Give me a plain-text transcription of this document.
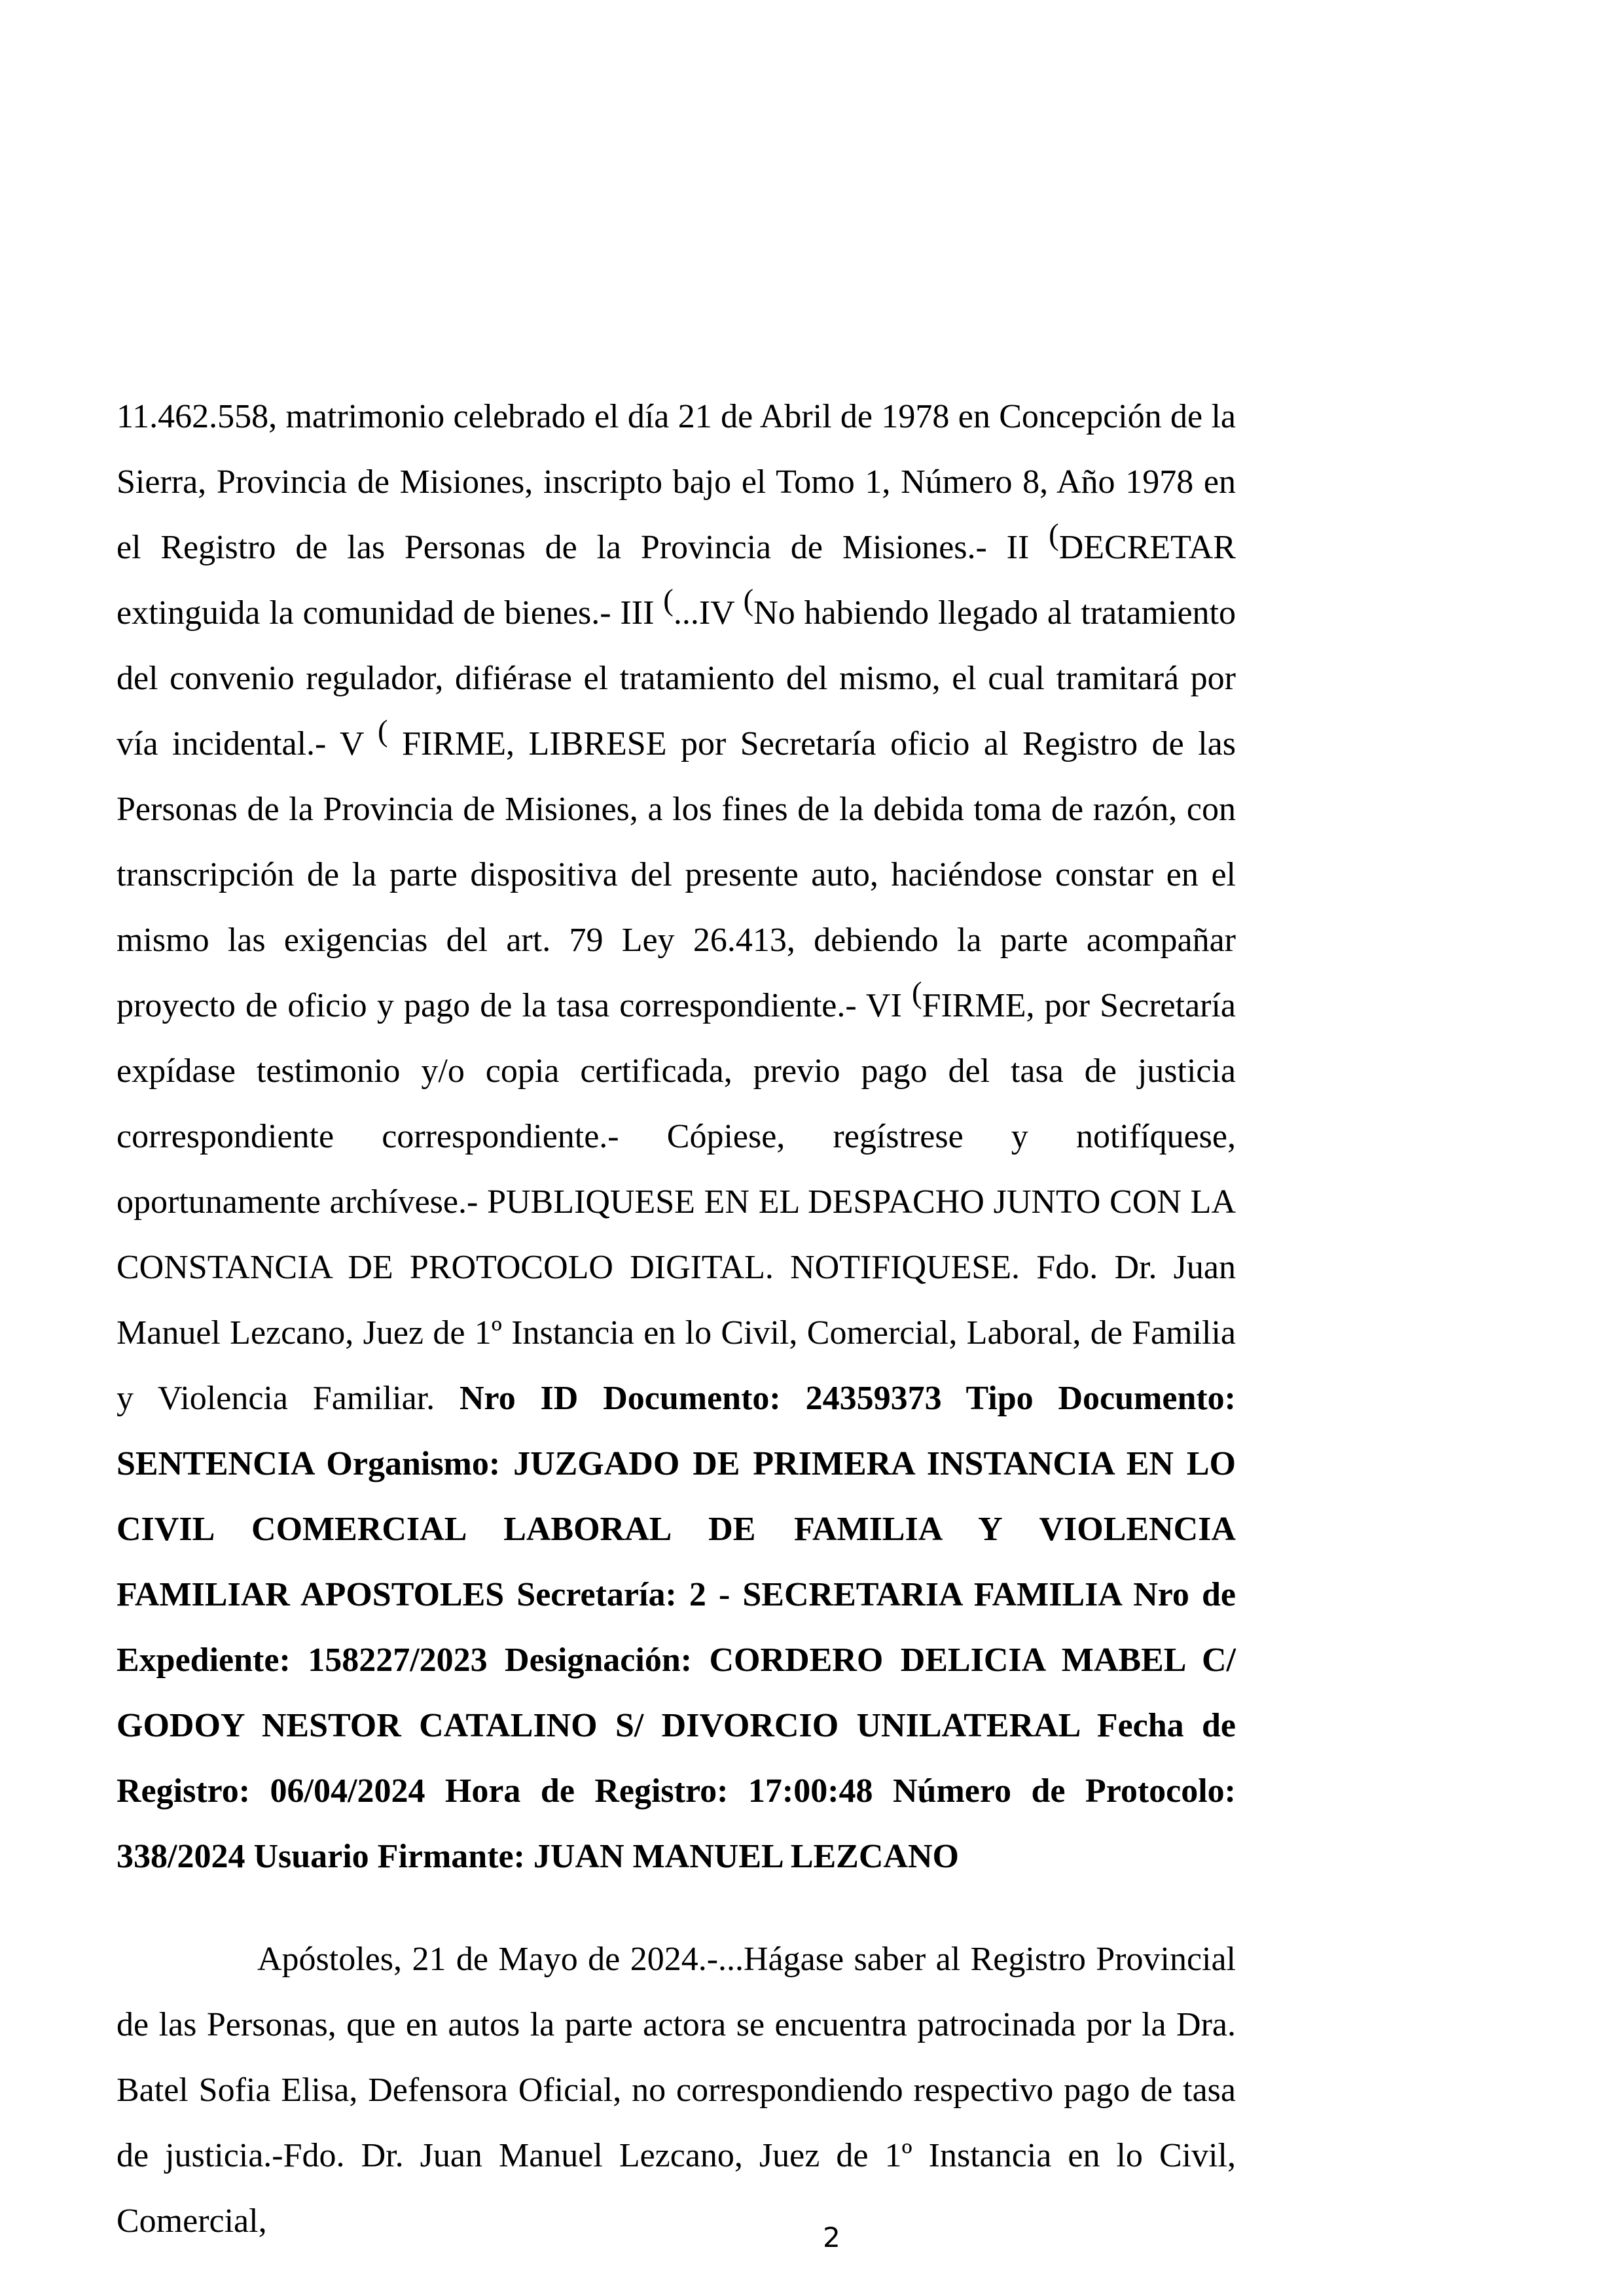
11.462.558, matrimonio celebrado el día 21 de Abril de 1978 en Concepción de la Sierra, Provincia de Misiones, inscripto bajo el Tomo 1, Número 8, Año 1978 en el Registro de las Personas de la Provincia de Misiones.- II (DECRETAR extinguida la comunidad de bienes.- III (...IV (No habiendo llegado al tratamiento del convenio regulador, difiérase el tratamiento del mismo, el cual tramitará por vía incidental.- V ( FIRME, LIBRESE por Secretaría oficio al Registro de las Personas de la Provincia de Misiones, a los fines de la debida toma de razón, con transcripción de la parte dispositiva del presente auto, haciéndose constar en el mismo las exigencias del art. 79 Ley 26.413, debiendo la parte acompañar proyecto de oficio y pago de la tasa correspondiente.- VI (FIRME, por Secretaría expídase testimonio y/o copia certificada, previo pago del tasa de justicia correspondiente correspondiente.- Cópiese, regístrese y notifíquese, oportunamente archívese.- PUBLIQUESE EN EL DESPACHO JUNTO CON LA CONSTANCIA DE PROTOCOLO DIGITAL. NOTIFIQUESE. Fdo. Dr. Juan Manuel Lezcano, Juez de 1º Instancia en lo Civil, Comercial, Laboral, de Familia y Violencia Familiar. Nro ID Documento: 24359373 Tipo Documento: SENTENCIA Organismo: JUZGADO DE PRIMERA INSTANCIA EN LO CIVIL COMERCIAL LABORAL DE FAMILIA Y VIOLENCIA FAMILIAR APOSTOLES Secretaría: 2 - SECRETARIA FAMILIA Nro de Expediente: 158227/2023 Designación: CORDERO DELICIA MABEL C/ GODOY NESTOR CATALINO S/ DIVORCIO UNILATERAL Fecha de Registro: 06/04/2024 Hora de Registro: 17:00:48 Número de Protocolo: 338/2024 Usuario Firmante: JUAN MANUEL LEZCANO

Apóstoles, 21 de Mayo de 2024.-...Hágase saber al Registro Provincial de las Personas, que en autos la parte actora se encuentra patrocinada por la Dra. Batel Sofia Elisa, Defensora Oficial, no correspondiendo respectivo pago de tasa de justicia.-Fdo. Dr. Juan Manuel Lezcano, Juez de 1º Instancia en lo Civil, Comercial,	2
